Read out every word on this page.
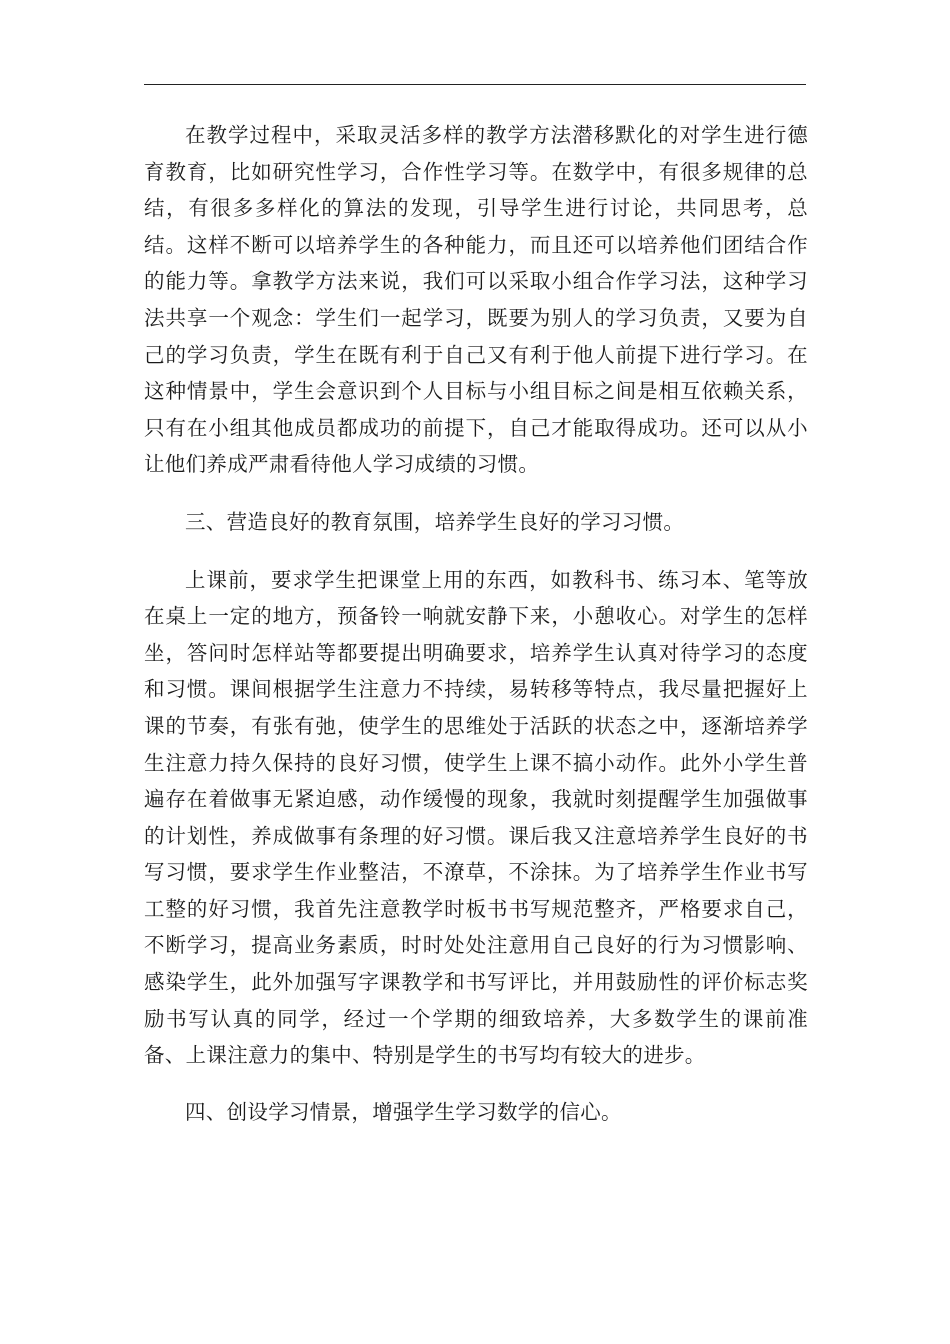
在教学过程中，采取灵活多样的教学方法潜移默化的对学生进行德育教育，比如研究性学习，合作性学习等。在数学中，有很多规律的总结，有很多多样化的算法的发现，引导学生进行讨论，共同思考，总结。这样不断可以培养学生的各种能力，而且还可以培养他们团结合作的能力等。拿教学方法来说，我们可以采取小组合作学习法，这种学习法共享一个观念：学生们一起学习，既要为别人的学习负责，又要为自己的学习负责，学生在既有利于自己又有利于他人前提下进行学习。在这种情景中，学生会意识到个人目标与小组目标之间是相互依赖关系，只有在小组其他成员都成功的前提下，自己才能取得成功。还可以从小让他们养成严肃看待他人学习成绩的习惯。

三、营造良好的教育氛围，培养学生良好的学习习惯。

上课前，要求学生把课堂上用的东西，如教科书、练习本、笔等放在桌上一定的地方，预备铃一响就安静下来，小憩收心。对学生的怎样坐，答问时怎样站等都要提出明确要求，培养学生认真对待学习的态度和习惯。课间根据学生注意力不持续，易转移等特点，我尽量把握好上课的节奏，有张有弛，使学生的思维处于活跃的状态之中，逐渐培养学生注意力持久保持的良好习惯，使学生上课不搞小动作。此外小学生普遍存在着做事无紧迫感，动作缓慢的现象，我就时刻提醒学生加强做事的计划性，养成做事有条理的好习惯。课后我又注意培养学生良好的书写习惯，要求学生作业整洁，不潦草，不涂抹。为了培养学生作业书写工整的好习惯，我首先注意教学时板书书写规范整齐，严格要求自己，不断学习，提高业务素质，时时处处注意用自己良好的行为习惯影响、感染学生，此外加强写字课教学和书写评比，并用鼓励性的评价标志奖励书写认真的同学，经过一个学期的细致培养，大多数学生的课前准备、上课注意力的集中、特别是学生的书写均有较大的进步。

四、创设学习情景，增强学生学习数学的信心。
